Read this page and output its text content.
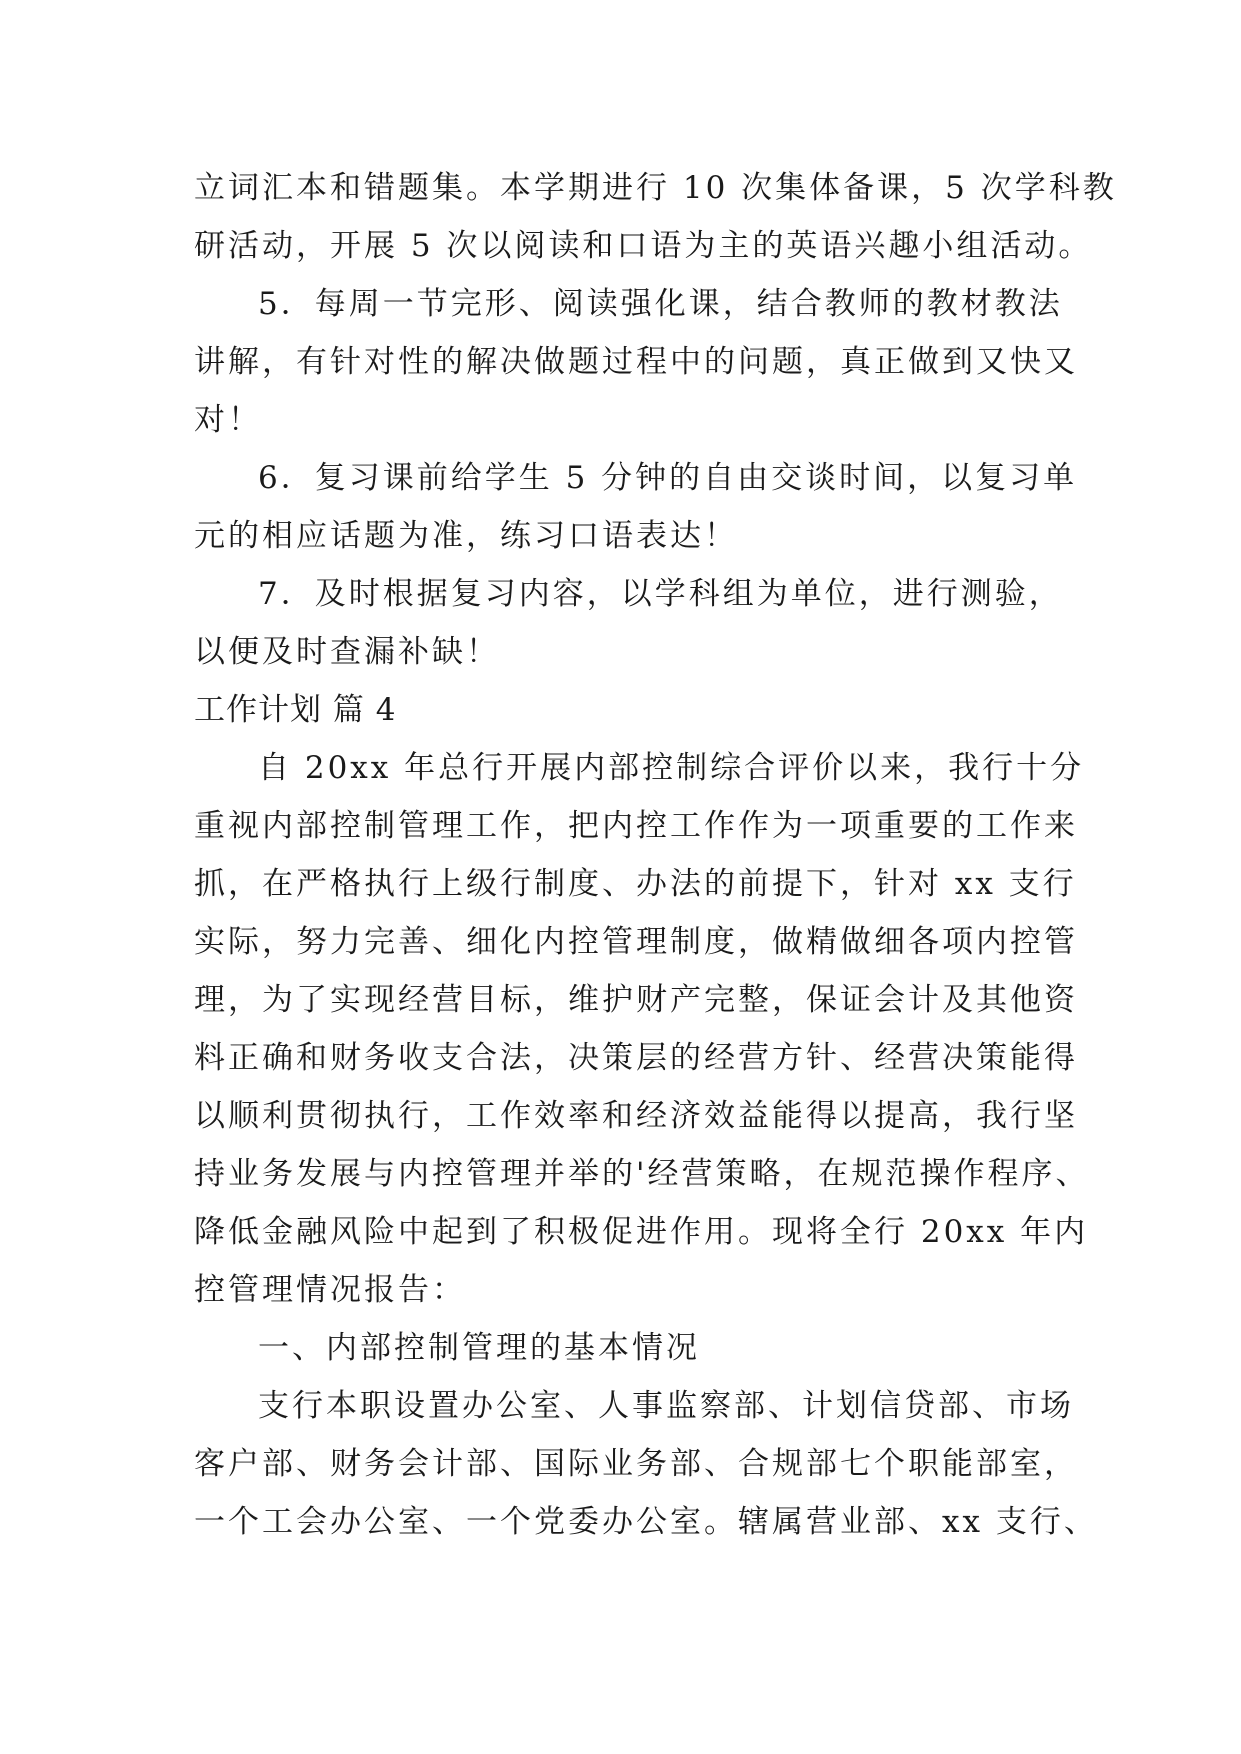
立词汇本和错题集。本学期进行 10 次集体备课，5 次学科教

研活动，开展 5 次以阅读和口语为主的英语兴趣小组活动。

5．每周一节完形、阅读强化课，结合教师的教材教法

讲解，有针对性的解决做题过程中的问题，真正做到又快又

对！

6．复习课前给学生 5 分钟的自由交谈时间，以复习单

元的相应话题为准，练习口语表达！

7．及时根据复习内容，以学科组为单位，进行测验，

以便及时查漏补缺！

工作计划 篇 4

自 20xx 年总行开展内部控制综合评价以来，我行十分

重视内部控制管理工作，把内控工作作为一项重要的工作来

抓，在严格执行上级行制度、办法的前提下，针对 xx 支行

实际，努力完善、细化内控管理制度，做精做细各项内控管

理，为了实现经营目标，维护财产完整，保证会计及其他资

料正确和财务收支合法，决策层的经营方针、经营决策能得

以顺利贯彻执行，工作效率和经济效益能得以提高，我行坚

持业务发展与内控管理并举的'经营策略，在规范操作程序、

降低金融风险中起到了积极促进作用。现将全行 20xx 年内

控管理情况报告：

一、内部控制管理的基本情况

支行本职设置办公室、人事监察部、计划信贷部、市场

客户部、财务会计部、国际业务部、合规部七个职能部室，

一个工会办公室、一个党委办公室。辖属营业部、xx 支行、
